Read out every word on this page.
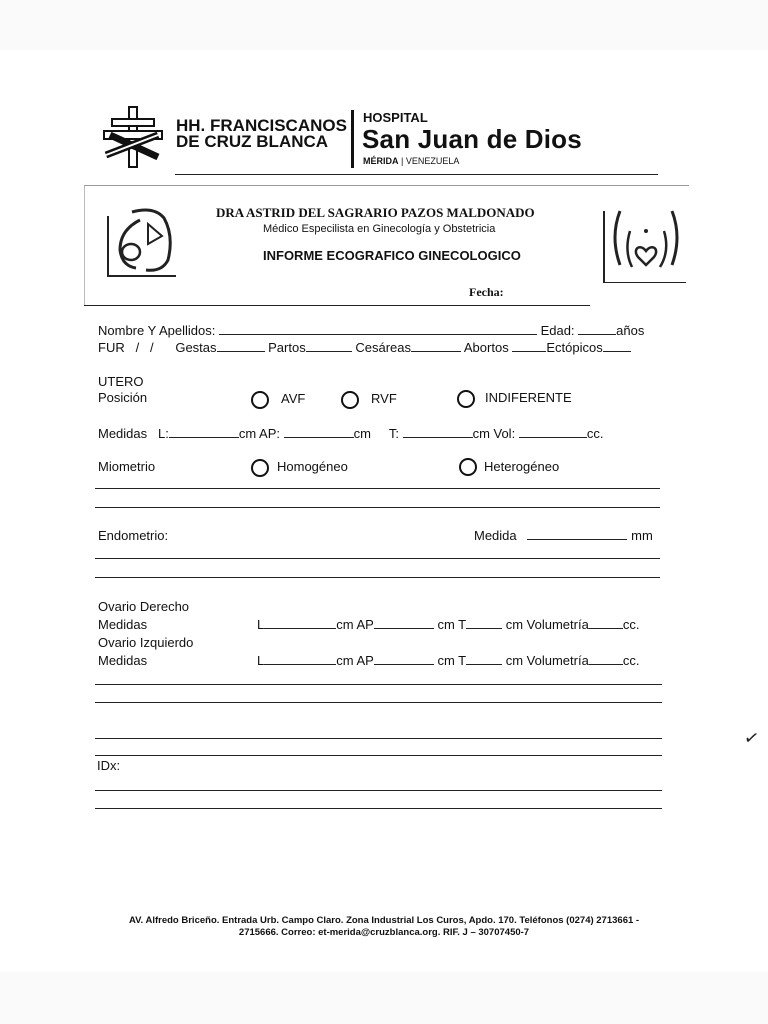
HH. FRANCISCANOS
DE CRUZ BLANCA
HOSPITAL
San Juan de Dios
MÉRIDA | VENEZUELA
DRA ASTRID DEL SAGRARIO PAZOS MALDONADO
Médico Especilista en Ginecología y Obstetricia
INFORME ECOGRAFICO GINECOLOGICO
Fecha:
Nombre Y Apellidos:	Edad:	años
FUR / / Gestas	Partos	Cesáreas	Abortos	Ectópicos
UTERO
Posición	AVF	RVF	INDIFERENTE
Medidas L:	cm AP:	cm T:	cm Vol:	cc.
Miometrio	Homogéneo	Heterogéneo
Endometrio:	Medida	mm
Ovario Derecho
Medidas	L	cm AP	cm T	cm Volumetría	cc.
Ovario Izquierdo
Medidas	L	cm AP	cm T	cm Volumetría	cc.
IDx:
✓
AV. Alfredo Briceño. Entrada Urb. Campo Claro. Zona Industrial Los Curos, Apdo. 170. Teléfonos (0274) 2713661 -
2715666. Correo: et-merida@cruzblanca.org. RIF. J – 30707450-7
